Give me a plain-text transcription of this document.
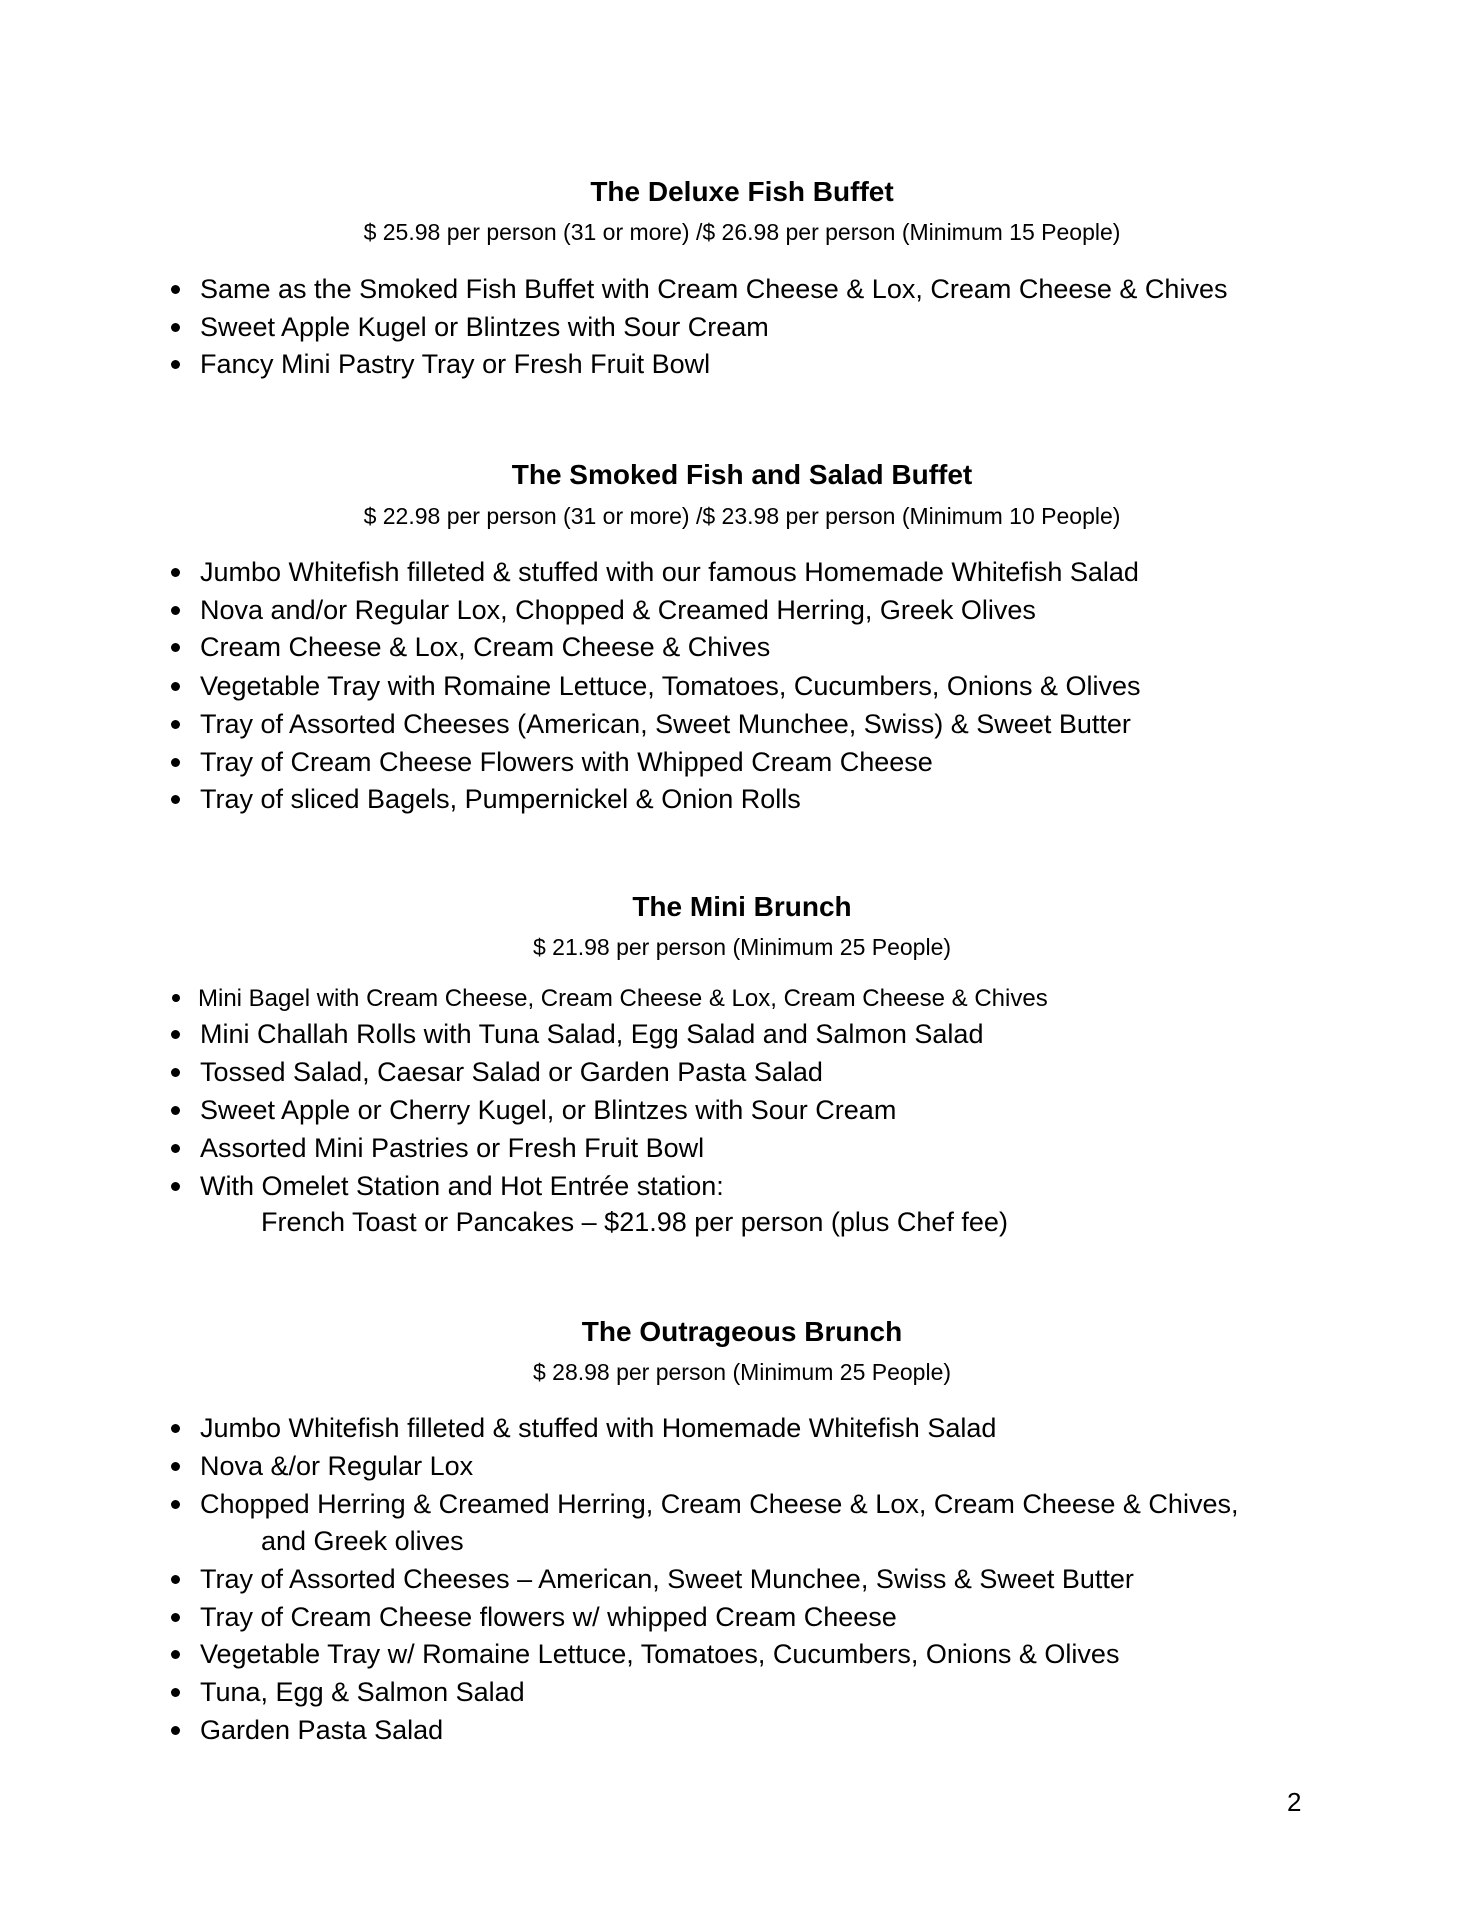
The Deluxe Fish Buffet
$ 25.98 per person (31 or more) /$ 26.98 per person (Minimum 15 People)
Same as the Smoked Fish Buffet with Cream Cheese & Lox, Cream Cheese & Chives
Sweet Apple Kugel or Blintzes with Sour Cream
Fancy Mini Pastry Tray or Fresh Fruit Bowl
The Smoked Fish and Salad Buffet
$ 22.98 per person (31 or more) /$ 23.98 per person (Minimum 10 People)
Jumbo Whitefish filleted & stuffed with our famous Homemade Whitefish Salad
Nova and/or Regular Lox, Chopped & Creamed Herring, Greek Olives
Cream Cheese & Lox, Cream Cheese & Chives
Vegetable Tray with Romaine Lettuce, Tomatoes, Cucumbers, Onions & Olives
Tray of Assorted Cheeses (American, Sweet Munchee, Swiss) & Sweet Butter
Tray of Cream Cheese Flowers with Whipped Cream Cheese
Tray of sliced Bagels, Pumpernickel & Onion Rolls
The Mini Brunch
$ 21.98 per person (Minimum 25 People)
Mini Bagel with Cream Cheese, Cream Cheese & Lox, Cream Cheese & Chives
Mini Challah Rolls with Tuna Salad, Egg Salad and Salmon Salad
Tossed Salad, Caesar Salad or Garden Pasta Salad
Sweet Apple or Cherry Kugel, or Blintzes with Sour Cream
Assorted Mini Pastries or Fresh Fruit Bowl
With Omelet Station and Hot Entrée station:
French Toast or Pancakes – $21.98 per person (plus Chef fee)
The Outrageous Brunch
$ 28.98 per person (Minimum 25 People)
Jumbo Whitefish filleted & stuffed with Homemade Whitefish Salad
Nova &/or Regular Lox
Chopped Herring & Creamed Herring, Cream Cheese & Lox, Cream Cheese & Chives,
and Greek olives
Tray of Assorted Cheeses – American, Sweet Munchee, Swiss & Sweet Butter
Tray of Cream Cheese flowers w/ whipped Cream Cheese
Vegetable Tray w/ Romaine Lettuce, Tomatoes, Cucumbers, Onions & Olives
Tuna, Egg & Salmon Salad
Garden Pasta Salad
2
